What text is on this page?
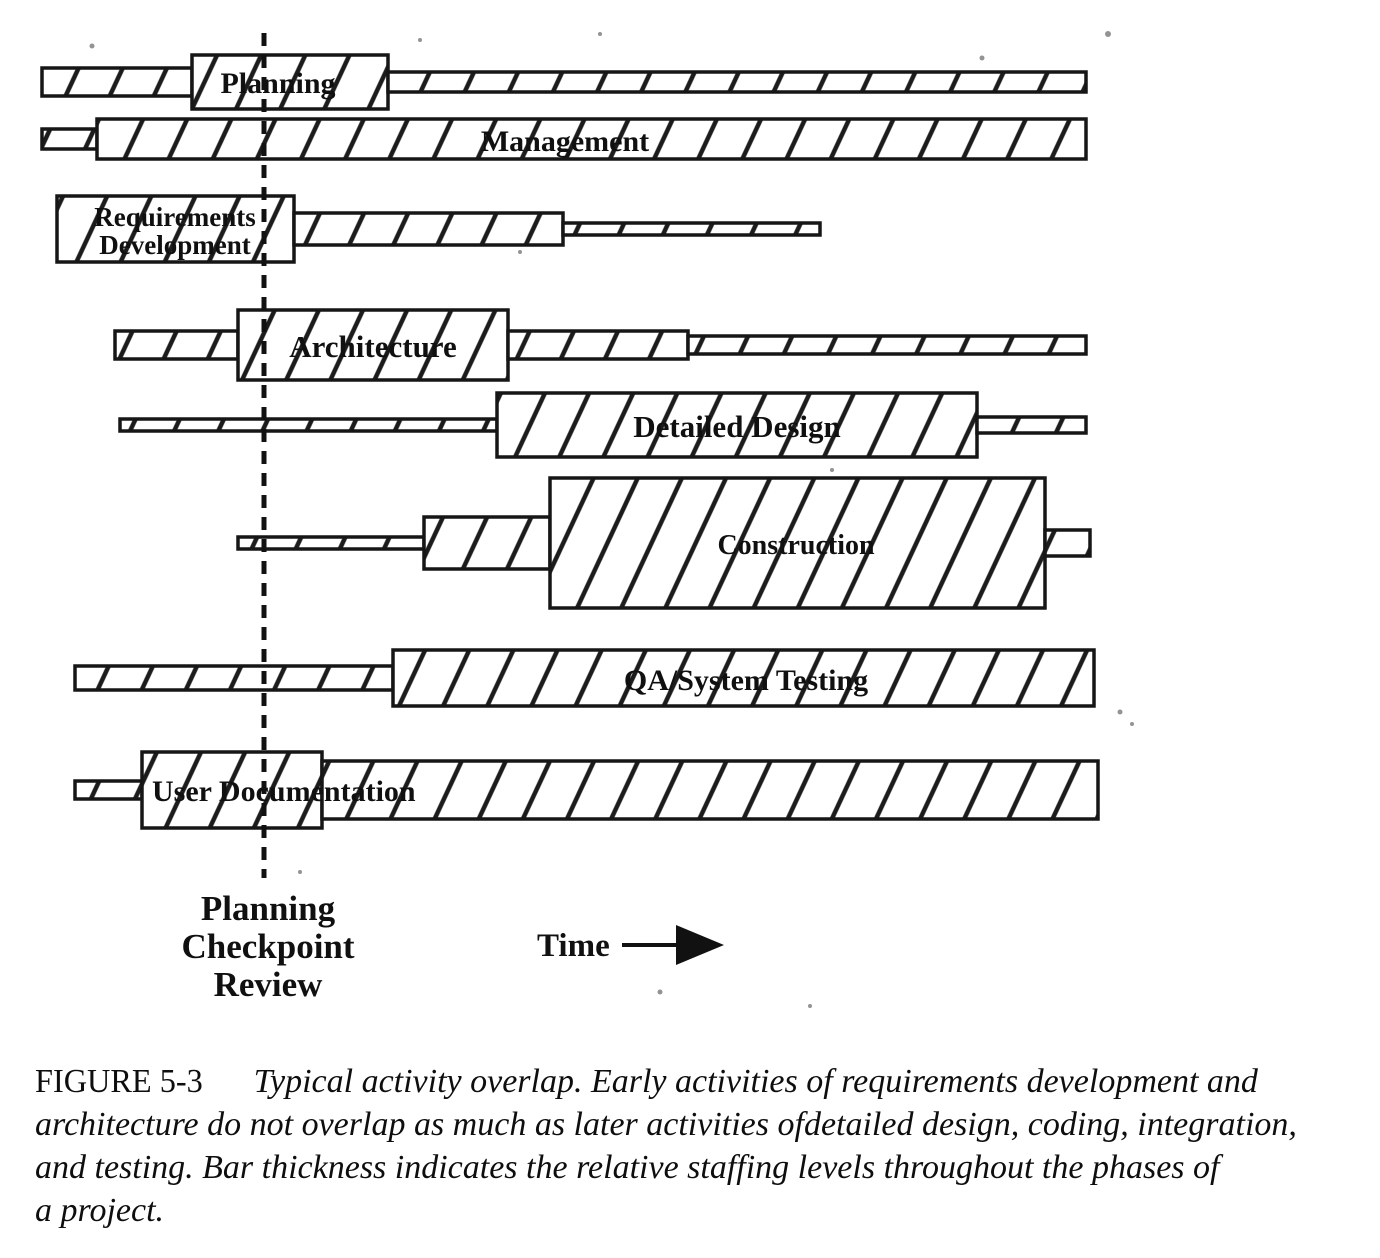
Planning
Management
Requirements Development
Architecture
Detailed Design
Construction
QA/System Testing
User Documentation
Planning Checkpoint Review
Time
FIGURE 5-3 Typical activity overlap. Early activities of requirements development and
architecture do not overlap as much as later activities ofdetailed design, coding, integration,
and testing. Bar thickness indicates the relative staffing levels throughout the phases of
a project.
